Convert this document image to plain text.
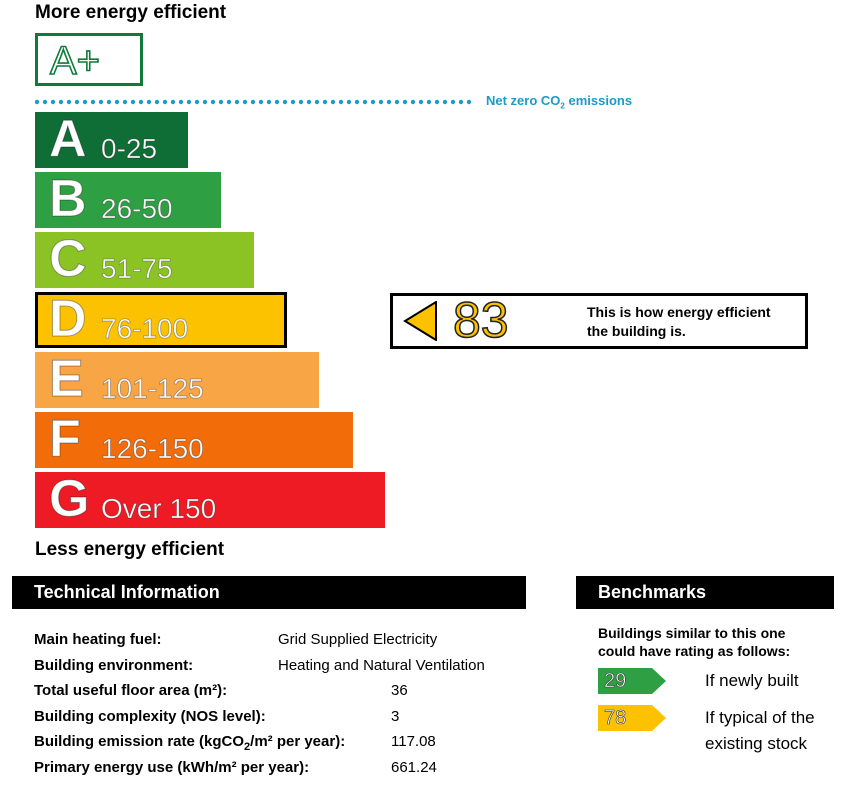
More energy efficient
A+
Net zero $CO_2$ emissions
A 0-25
B 26-50
C 51-75
D 76-100
E 101-125
F 126-150
G Over 150
83	This is how energy efficient
the building is.
Less energy efficient
Technical Information
Main heating fuel:	Grid Supplied Electricity
Building environment:	Heating and Natural Ventilation
Total useful floor area (m²):	36
Building complexity (NOS level):	3
Building emission rate (kgCO$_2$/m² per year):	117.08
Primary energy use (kWh/m² per year):	661.24
Benchmarks
Buildings similar to this one
could have rating as follows:
29	If newly built
78	If typical of the
existing stock
